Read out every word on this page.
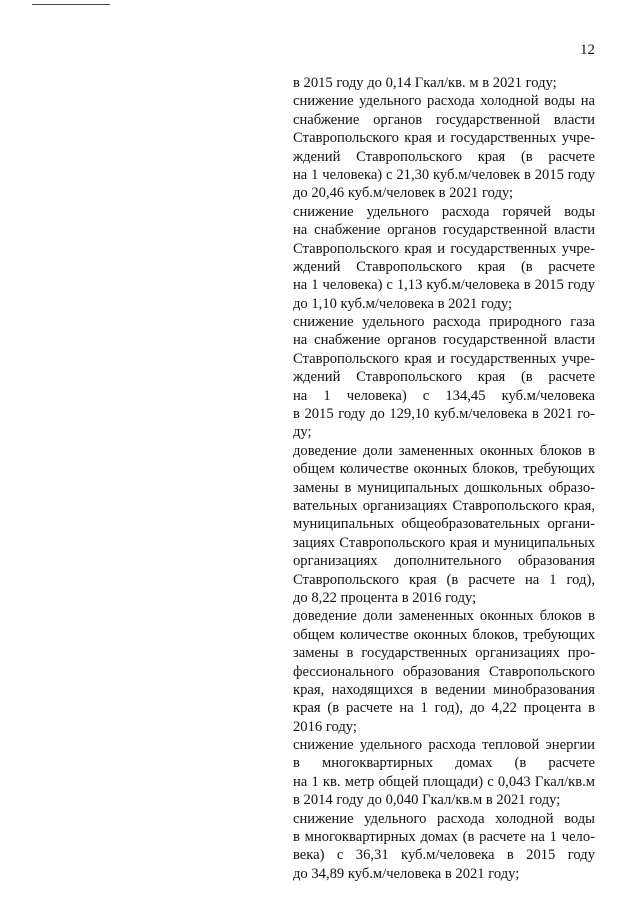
12
в 2015 году до 0,14 Гкал/кв. м в 2021 году;
снижение удельного расхода холодной воды на
снабжение органов государственной власти
Ставропольского края и государственных учре-
ждений Ставропольского края (в расчете
на 1 человека) с 21,30 куб.м/человек в 2015 году
до 20,46 куб.м/человек в 2021 году;
снижение удельного расхода горячей воды
на снабжение органов государственной власти
Ставропольского края и государственных учре-
ждений Ставропольского края (в расчете
на 1 человека) с 1,13 куб.м/человека в 2015 году
до 1,10 куб.м/человека в 2021 году;
снижение удельного расхода природного газа
на снабжение органов государственной власти
Ставропольского края и государственных учре-
ждений Ставропольского края (в расчете
на 1 человека) с 134,45 куб.м/человека
в 2015 году до 129,10 куб.м/человека в 2021 го-
ду;
доведение доли замененных оконных блоков в
общем количестве оконных блоков, требующих
замены в муниципальных дошкольных образо-
вательных организациях Ставропольского края,
муниципальных общеобразовательных органи-
зациях Ставропольского края и муниципальных
организациях дополнительного образования
Ставропольского края (в расчете на 1 год),
до 8,22 процента в 2016 году;
доведение доли замененных оконных блоков в
общем количестве оконных блоков, требующих
замены в государственных организациях про-
фессионального образования Ставропольского
края, находящихся в ведении минобразования
края (в расчете на 1 год), до 4,22 процента в
2016 году;
снижение удельного расхода тепловой энергии
в многоквартирных домах (в расчете
на 1 кв. метр общей площади) с 0,043 Гкал/кв.м
в 2014 году до 0,040 Гкал/кв.м в 2021 году;
снижение удельного расхода холодной воды
в многоквартирных домах (в расчете на 1 чело-
века) с 36,31 куб.м/человека в 2015 году
до 34,89 куб.м/человека в 2021 году;
